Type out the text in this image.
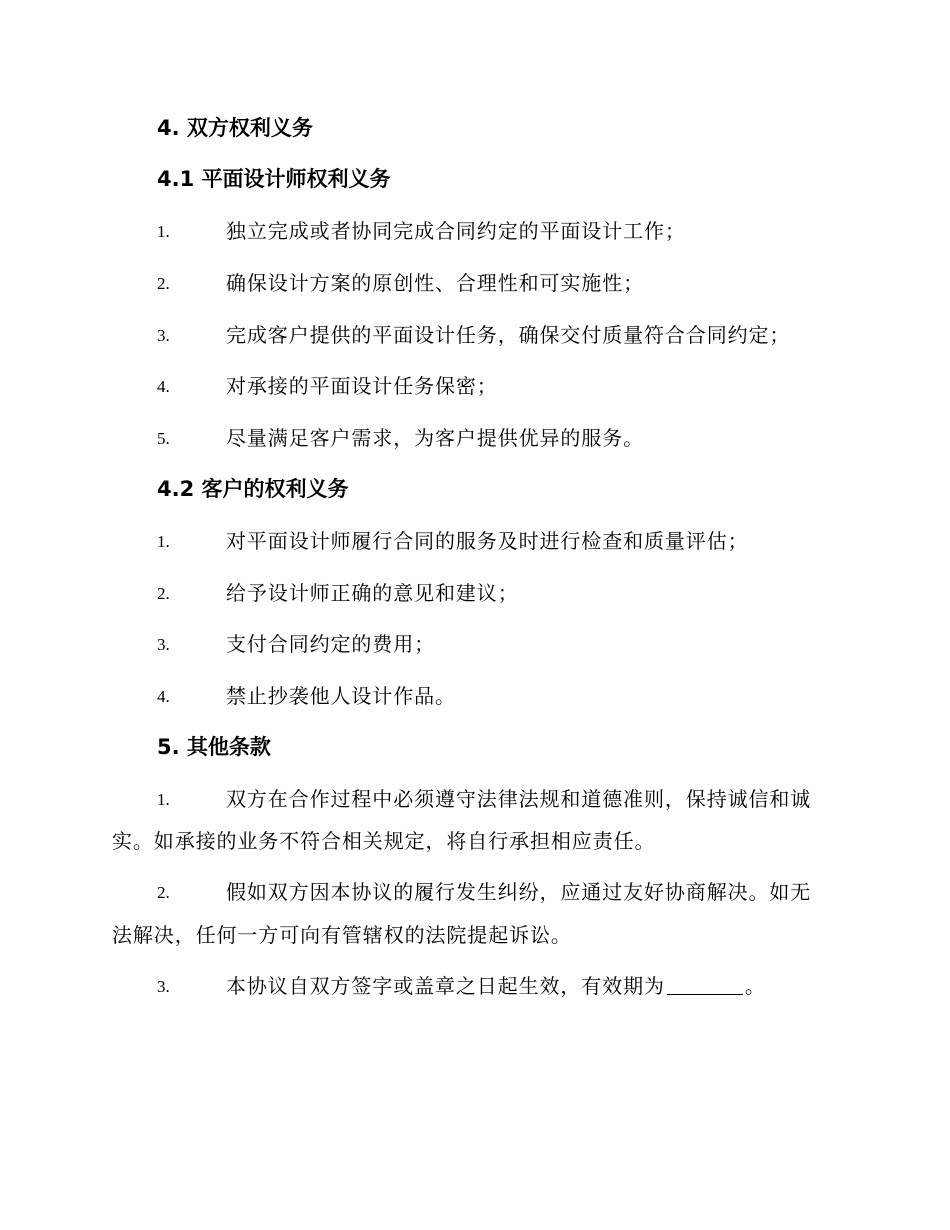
4. 双方权利义务
4.1 平面设计师权利义务
1.	独立完成或者协同完成合同约定的平面设计工作；
2.	确保设计方案的原创性、合理性和可实施性；
3.	完成客户提供的平面设计任务，确保交付质量符合合同约定；
4.	对承接的平面设计任务保密；
5.	尽量满足客户需求，为客户提供优异的服务。
4.2 客户的权利义务
1.	对平面设计师履行合同的服务及时进行检查和质量评估；
2.	给予设计师正确的意见和建议；
3.	支付合同约定的费用；
4.	禁止抄袭他人设计作品。
5. 其他条款
1.	双方在合作过程中必须遵守法律法规和道德准则，保持诚信和诚
实。如承接的业务不符合相关规定，将自行承担相应责任。
2.	假如双方因本协议的履行发生纠纷，应通过友好协商解决。如无
法解决，任何一方可向有管辖权的法院提起诉讼。
3.	本协议自双方签字或盖章之日起生效，有效期为	。
